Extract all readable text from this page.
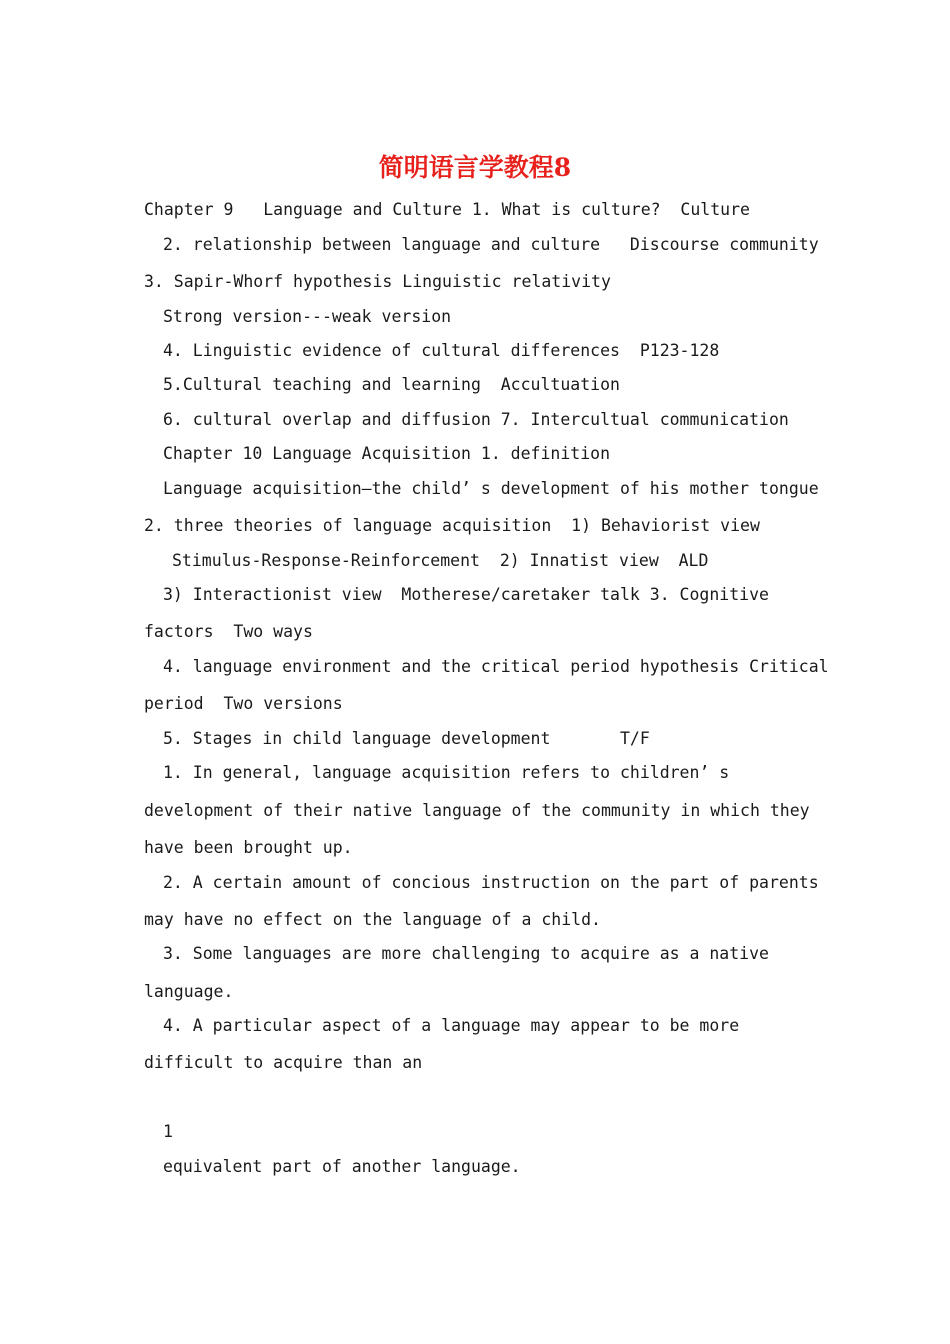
简明语言学教程8
Chapter 9   Language and Culture 1. What is culture?  Culture
2. relationship between language and culture   Discourse community
3. Sapir-Whorf hypothesis Linguistic relativity
Strong version---weak version
4. Linguistic evidence of cultural differences  P123-128
5.Cultural teaching and learning  Accultuation
6. cultural overlap and diffusion 7. Intercultual communication
Chapter 10 Language Acquisition 1. definition
Language acquisition—the child’ s development of his mother tongue
2. three theories of language acquisition  1) Behaviorist view
Stimulus-Response-Reinforcement  2) Innatist view  ALD
3) Interactionist view  Motherese/caretaker talk 3. Cognitive
factors  Two ways
4. language environment and the critical period hypothesis Critical
period  Two versions
5. Stages in child language development       T/F
1. In general, language acquisition refers to children’ s
development of their native language of the community in which they
have been brought up.
2. A certain amount of concious instruction on the part of parents
may have no effect on the language of a child.
3. Some languages are more challenging to acquire as a native
language.
4. A particular aspect of a language may appear to be more
difficult to acquire than an
1
equivalent part of another language.
